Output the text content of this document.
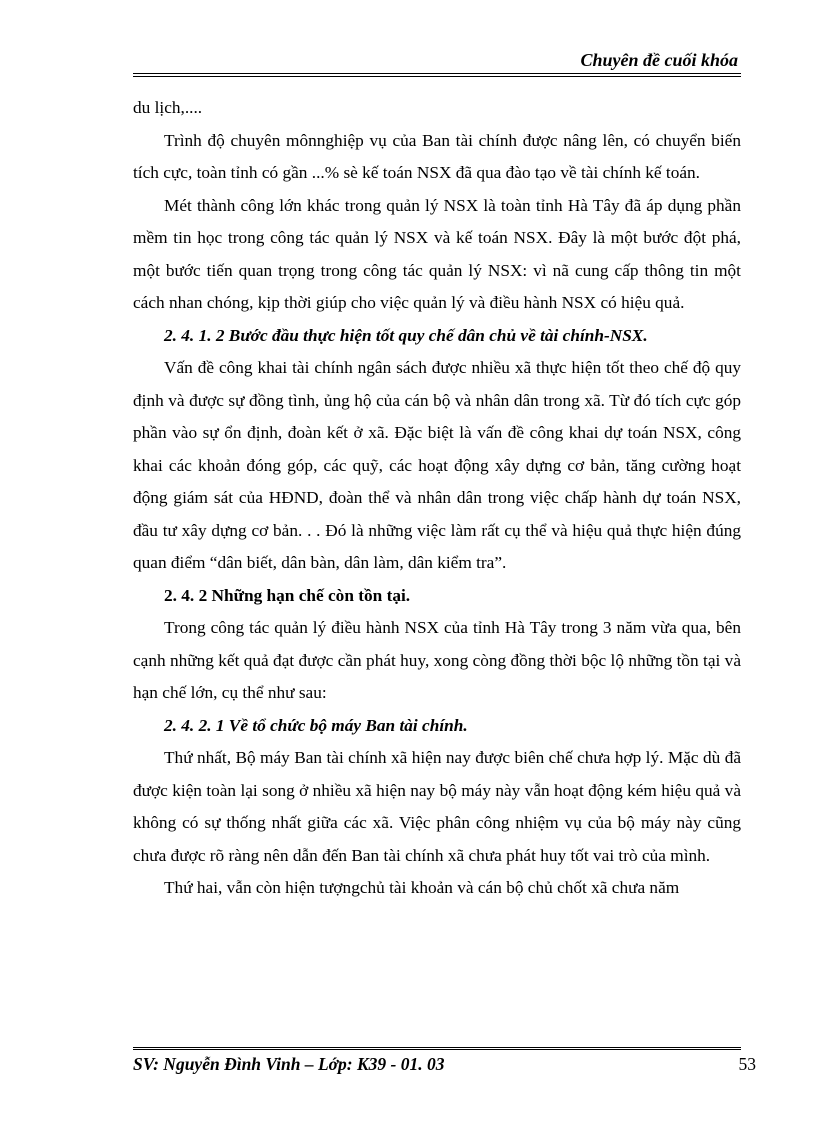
Chuyên đề cuối khóa

du lịch,....

Trình độ chuyên mônnghiệp vụ của Ban tài chính được nâng lên, có chuyển biến tích cực, toàn tỉnh có gần ...% sè kế toán NSX đã qua đào tạo về tài chính kế toán.

Mét thành công lớn khác trong quản lý NSX là toàn tỉnh Hà Tây đã áp dụng phần mềm tin học trong công tác quản lý NSX và kế toán NSX. Đây là một bước đột phá, một bước tiến quan trọng trong công tác quản lý NSX: vì nã cung cấp thông tin một cách nhan chóng, kịp thời giúp cho việc quản lý và điều hành NSX có hiệu quả.

2. 4. 1. 2 Bước đầu thực hiện tốt quy chế dân chủ về tài chính-NSX.

Vấn đề công khai tài chính ngân sách được nhiều xã thực hiện tốt theo chế độ quy định và được sự đồng tình, ủng hộ của cán bộ và nhân dân trong xã. Từ đó tích cực góp phần vào sự ổn định, đoàn kết ở xã. Đặc biệt là vấn đề công khai dự toán NSX, công khai các khoản đóng góp, các quỹ, các hoạt động xây dựng cơ bản, tăng cường hoạt động giám sát của HĐND, đoàn thể và nhân dân trong việc chấp hành dự toán NSX, đầu tư xây dựng cơ bản. . . Đó là những việc làm rất cụ thể và hiệu quả thực hiện đúng quan điểm “dân biết, dân bàn, dân làm, dân kiểm tra”.

2. 4. 2 Những hạn chế còn tồn tại.

Trong công tác quản lý điều hành NSX của tỉnh Hà Tây trong 3 năm vừa qua, bên cạnh những kết quả đạt được cần phát huy, xong còng đồng thời bộc lộ những tồn tại và hạn chế lớn, cụ thể như sau:

2. 4. 2. 1 Về tổ chức bộ máy Ban tài chính.

Thứ nhất, Bộ máy Ban tài chính xã hiện nay được biên chế chưa hợp lý. Mặc dù đã được kiện toàn lại song ở nhiều xã hiện nay bộ máy này vẫn hoạt động kém hiệu quả và không có sự thống nhất giữa các xã. Việc phân công nhiệm vụ của bộ máy này cũng chưa được rõ ràng nên dẫn đến Ban tài chính xã chưa phát huy tốt vai trò của mình.

Thứ hai, vẫn còn hiện tượngchủ tài khoản và cán bộ chủ chốt xã chưa năm

SV: Nguyễn Đình Vinh – Lớp: K39 - 01. 03	53
